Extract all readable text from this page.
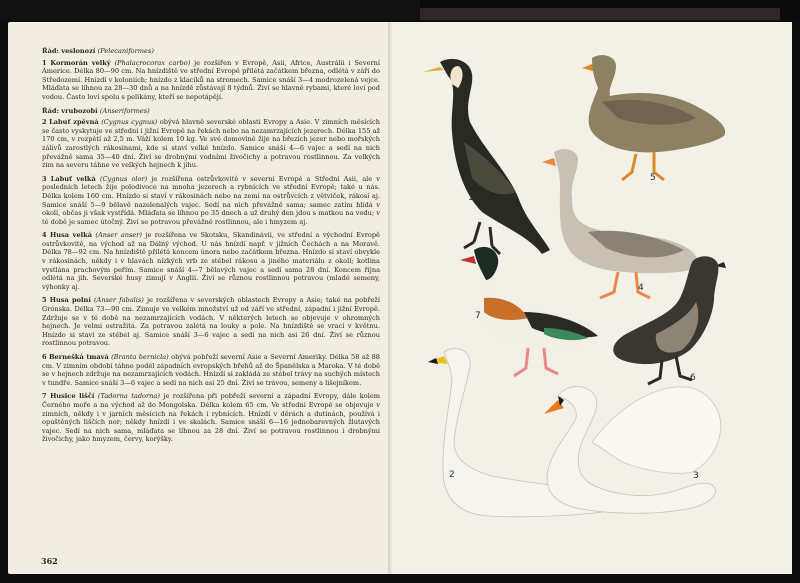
Řád: veslonozí (Pelecaniformes)
1 Kormorán velký (Phalacrocorax carbo) je rozšířen v Evropě, Asii, Africe, Austrálii i Severní Americe. Délka 80—90 cm. Na hnízdiště ve střední Evropě přilétá začátkem března, odlétá v září do Středozemí. Hnízdí v koloniích; hnízdo z klacíků na stromech. Samice snáší 3—4 modrozelená vejce. Mláďata se líhnou za 28—30 dnů a na hnízdě zůstávají 8 týdnů. Živí se hlavně rybami, které loví pod vodou. Často loví spolu s pelikány, kteří se nepotápějí.
Řád: vrubozobí (Anseriformes)
2 Labuť zpěvná (Cygnus cygnus) obývá hlavně severské oblasti Evropy a Asie. V zimních měsících se často vyskytuje ve střední i jižní Evropě na řekách nebo na nezamrzajících jezerech. Délka 155 až 170 cm, v rozpětí až 2,5 m. Váží kolem 10 kg. Ve své domovině žije na březích jezer nebo mořských zálivů zarostlých rákosinami, kde si staví velké hnízdo. Samice snáší 4—6 vajec a sedí na nich převážně sama 35—40 dní. Živí se drobnými vodními živočichy a potravou rostlinnou. Za velkých zim na severu táhne ve velkých hejnech k jihu.
3 Labuť velká (Cygnus olor) je rozšířena ostrůvkovitě v severní Evropě a Střední Asii, ale v posledních letech žije polodivoce na mnoha jezerech a rybnících ve střední Evropě; také u nás. Délka kolem 160 cm. Hnízdo si staví v rákosinách nebo na zemi na ostrůvcích z větviček, rákosí aj. Samice snáší 5—9 bělavě nazelenalých vajec. Sedí na nich převážně sama; samec zatím hlídá v okolí, občas ji však vystřídá. Mláďata se líhnou po 35 dnech a už druhý den jdou s matkou na vodu; v té době je samec útočný. Živí se potravou převážně rostlinnou, ale i hmyzem aj.
4 Husa velká (Anser anser) je rozšířena ve Skotsku, Skandinávii, ve střední a východní Evropě ostrůvkovitě, na východ až na Dálný východ. U nás hnízdí např. v jižních Čechách a na Moravě. Délka 78—92 cm. Na hnízdiště přilétá koncem února nebo začátkem března. Hnízdo si staví obvykle v rákosinách, někdy i v hlavách nízkých vrb ze stébel rákosu a jiného materiálu z okolí; kotlina vystlána prachovým peřím. Samice snáší 4—7 bělavých vajec a sedí sama 28 dní. Koncem října odlétá na jih. Severské husy zimují v Anglii. Živí se různou rostlinnou potravou (mladé semeny, výhonky aj.
5 Husa polní (Anser fabalis) je rozšířena v severských oblastech Evropy a Asie; také na pobřeží Grónska. Délka 73—90 cm. Zimuje ve velkém množství už od září ve střední, západní i jižní Evropě. Zdržuje se v té době na nezamrzajících vodách. V některých letech se objevuje v ohromných hejnech. Je velmi ostražitá. Za potravou zalétá na louky a pole. Na hnízdiště se vrací v květnu. Hnízdo si staví ze stébel aj. Samice snáší 3—6 vajec a sedí na nich asi 26 dní. Živí se různou rostlinnou potravou.
6 Bernešká tmavá (Branta bernicla) obývá pobřeží severní Asie a Severní Ameriky. Délka 58 až 88 cm. V zimním období táhne podél západních evropských břehů až do Španělska a Maroka. V té době se v hejnech zdržuje na nezamrzajících vodách. Hnízdí si zakládá ze stébel trávy na suchých místech v tundře. Samice snáší 3—6 vajec a sedí na nich asi 25 dní. Živí se trávou, semeny a lišejníkem.
7 Husice liščí (Tadorna tadorna) je rozšířena při pobřeží severní a západní Evropy, dále kolem Černého moře a na východ až do Mongolska. Délka kolem 65 cm. Ve střední Evropě se objevuje v zimních, někdy i v jarních měsících na řekách i rybnících. Hnízdí v děrách a dutinách, používá i opuštěných liščích nor; někdy hnízdí i ve skalách. Samice snáší 6—16 jednobarevných žlutavých vajec. Sedí na nich sama, mláďata se líhnou za 28 dní. Živí se potravou rostlinnou i drobnými živočichy, jako hmyzem, červy, korýšky.
362
1
5
7
4
6
2	3
